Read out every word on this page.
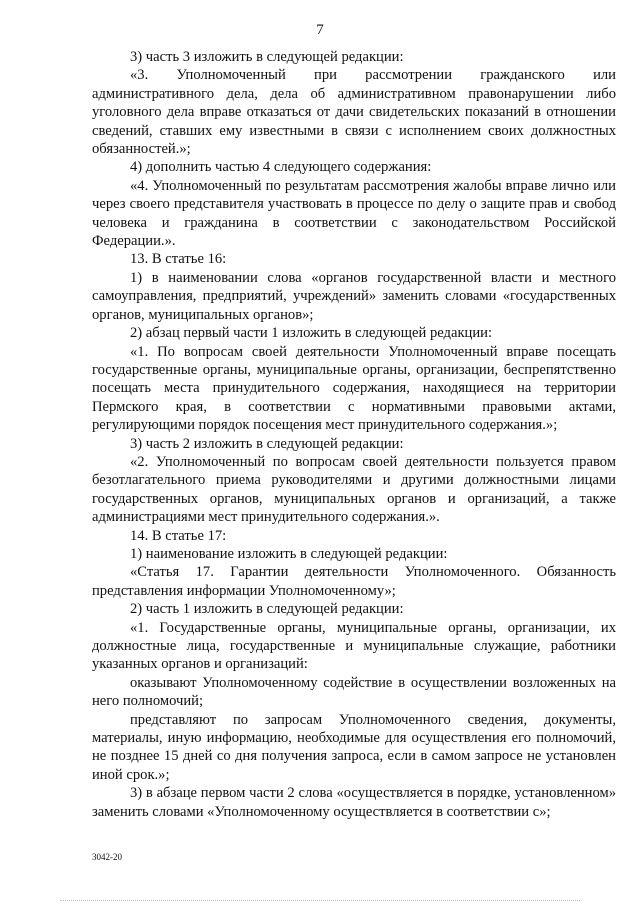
7

3) часть 3 изложить в следующей редакции:

«3. Уполномоченный при рассмотрении гражданского или административного дела, дела об административном правонарушении либо уголовного дела вправе отказаться от дачи свидетельских показаний в отношении сведений, ставших ему известными в связи с исполнением своих должностных обязанностей.»;

4) дополнить частью 4 следующего содержания:

«4. Уполномоченный по результатам рассмотрения жалобы вправе лично или через своего представителя участвовать в процессе по делу о защите прав и свобод человека и гражданина в соответствии с законодательством Российской Федерации.».

13. В статье 16:

1) в наименовании слова «органов государственной власти и местного самоуправления, предприятий, учреждений» заменить словами «государственных органов, муниципальных органов»;

2) абзац первый части 1 изложить в следующей редакции:

«1. По вопросам своей деятельности Уполномоченный вправе посещать государственные органы, муниципальные органы, организации, беспрепятственно посещать места принудительного содержания, находящиеся на территории Пермского края, в соответствии с нормативными правовыми актами, регулирующими порядок посещения мест принудительного содержания.»;

3) часть 2 изложить в следующей редакции:

«2. Уполномоченный по вопросам своей деятельности пользуется правом безотлагательного приема руководителями и другими должностными лицами государственных органов, муниципальных органов и организаций, а также администрациями мест принудительного содержания.».

14. В статье 17:

1) наименование изложить в следующей редакции:

«Статья 17. Гарантии деятельности Уполномоченного. Обязанность представления информации Уполномоченному»;

2) часть 1 изложить в следующей редакции:

«1. Государственные органы, муниципальные органы, организации, их должностные лица, государственные и муниципальные служащие, работники указанных органов и организаций:

оказывают Уполномоченному содействие в осуществлении возложенных на него полномочий;

представляют по запросам Уполномоченного сведения, документы, материалы, иную информацию, необходимые для осуществления его полномочий, не позднее 15 дней со дня получения запроса, если в самом запросе не установлен иной срок.»;

3) в абзаце первом части 2 слова «осуществляется в порядке, установленном» заменить словами «Уполномоченному осуществляется в соответствии с»;

3042-20
